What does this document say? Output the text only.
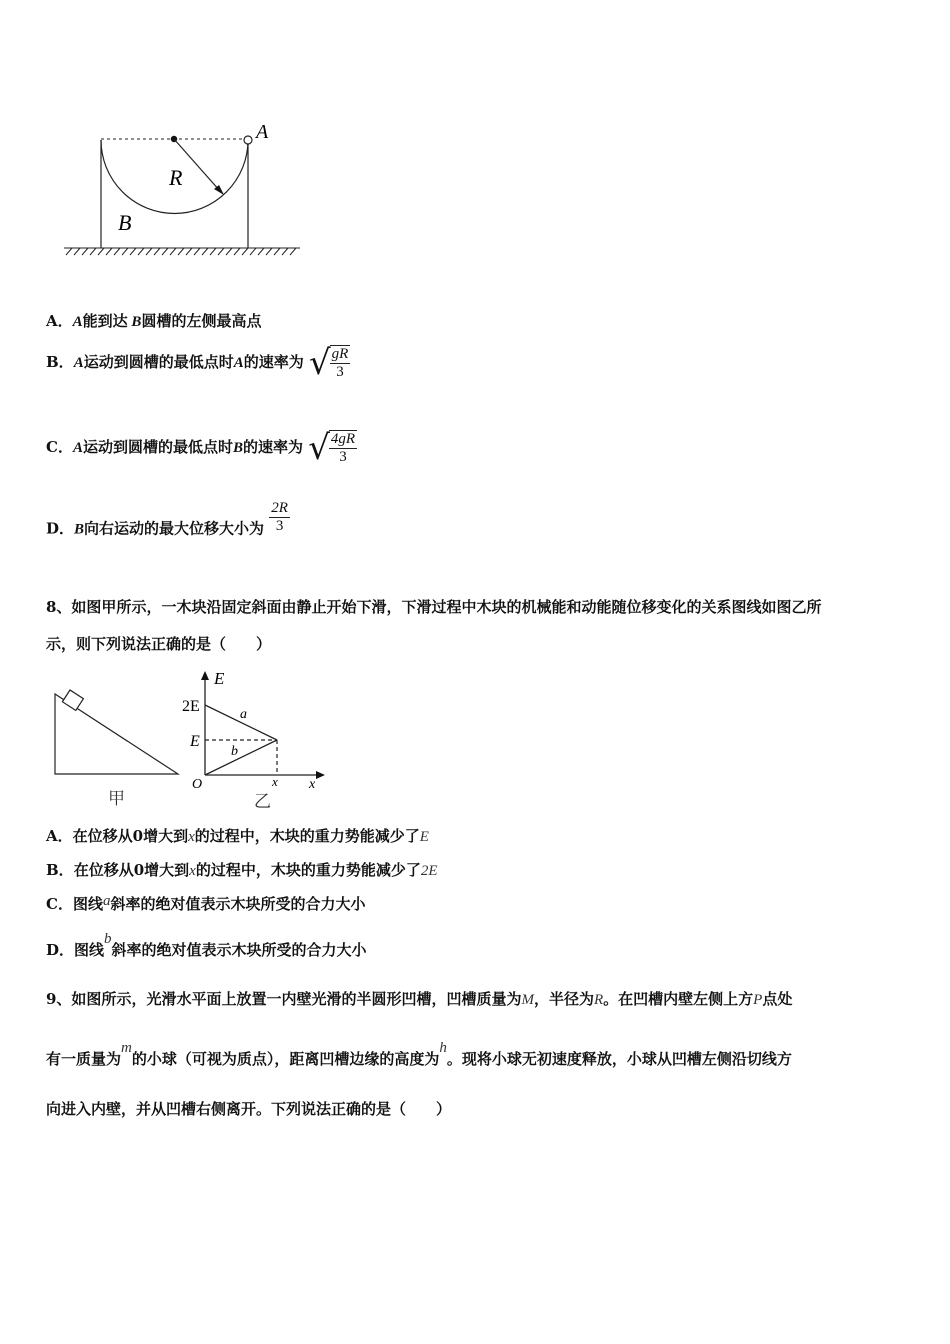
A
R
B
A．A能到达 B圆槽的左侧最高点
B．A运动到圆槽的最低点时A的速率为 √ $\frac{gR}{3}$
C．A运动到圆槽的最低点时B的速率为 √ $\frac{4gR}{3}$
D．B向右运动的最大位移大小为 $\frac{2R}{3}$
8、如图甲所示，一木块沿固定斜面由静止开始下滑，下滑过程中木块的机械能和动能随位移变化的关系图线如图乙所
示，则下列说法正确的是（　　）
甲
E
2E
E
a
b
O	x x
乙
A．在位移从0增大到x的过程中，木块的重力势能减少了E
B．在位移从0增大到x的过程中，木块的重力势能减少了2E
C．图线a斜率的绝对值表示木块所受的合力大小
D．图线b斜率的绝对值表示木块所受的合力大小
9、如图所示，光滑水平面上放置一内壁光滑的半圆形凹槽，凹槽质量为M，半径为R。在凹槽内壁左侧上方P点处
有一质量为m的小球（可视为质点），距离凹槽边缘的高度为h。现将小球无初速度释放，小球从凹槽左侧沿切线方
向进入内壁，并从凹槽右侧离开。下列说法正确的是（　　）
